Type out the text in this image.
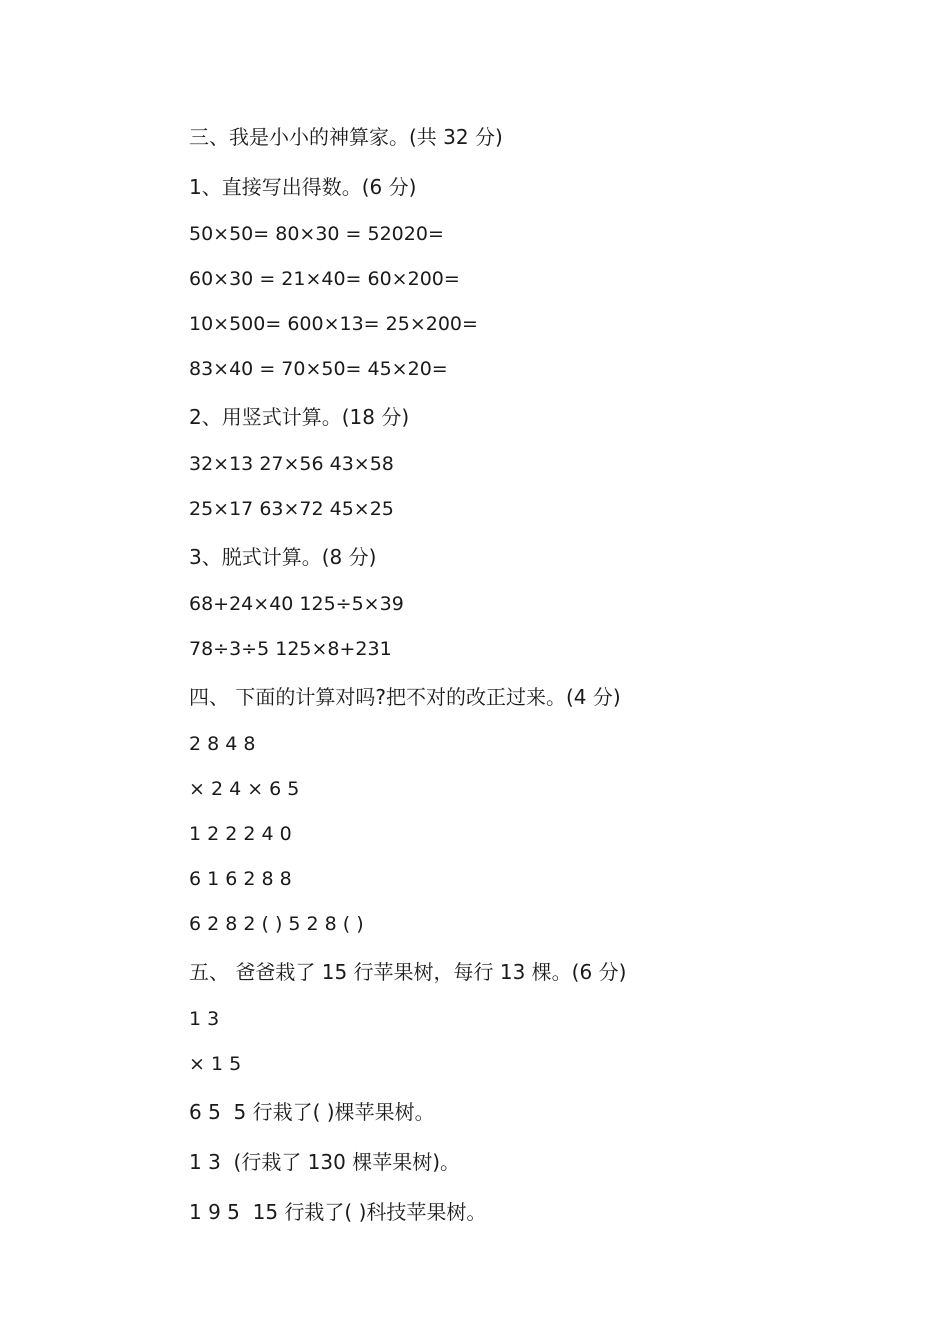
三、我是小小的神算家。(共 32 分)
1、直接写出得数。(6 分)
50×50= 80×30 = 52020=
60×30 = 21×40= 60×200=
10×500= 600×13= 25×200=
83×40 = 70×50= 45×20=
2、用竖式计算。(18 分)
32×13 27×56 43×58
25×17 63×72 45×25
3、脱式计算。(8 分)
68+24×40 125÷5×39
78÷3÷5 125×8+231
四、 下面的计算对吗?把不对的改正过来。(4 分)
2 8 4 8
× 2 4 × 6 5
1 2 2 2 4 0
6 1 6 2 8 8
6 2 8 2 ( ) 5 2 8 ( )
五、 爸爸栽了 15 行苹果树，每行 13 棵。(6 分)
1 3
× 1 5
6 5  5 行栽了( )棵苹果树。
1 3  (行栽了 130 棵苹果树)。
1 9 5  15 行栽了( )科技苹果树。
